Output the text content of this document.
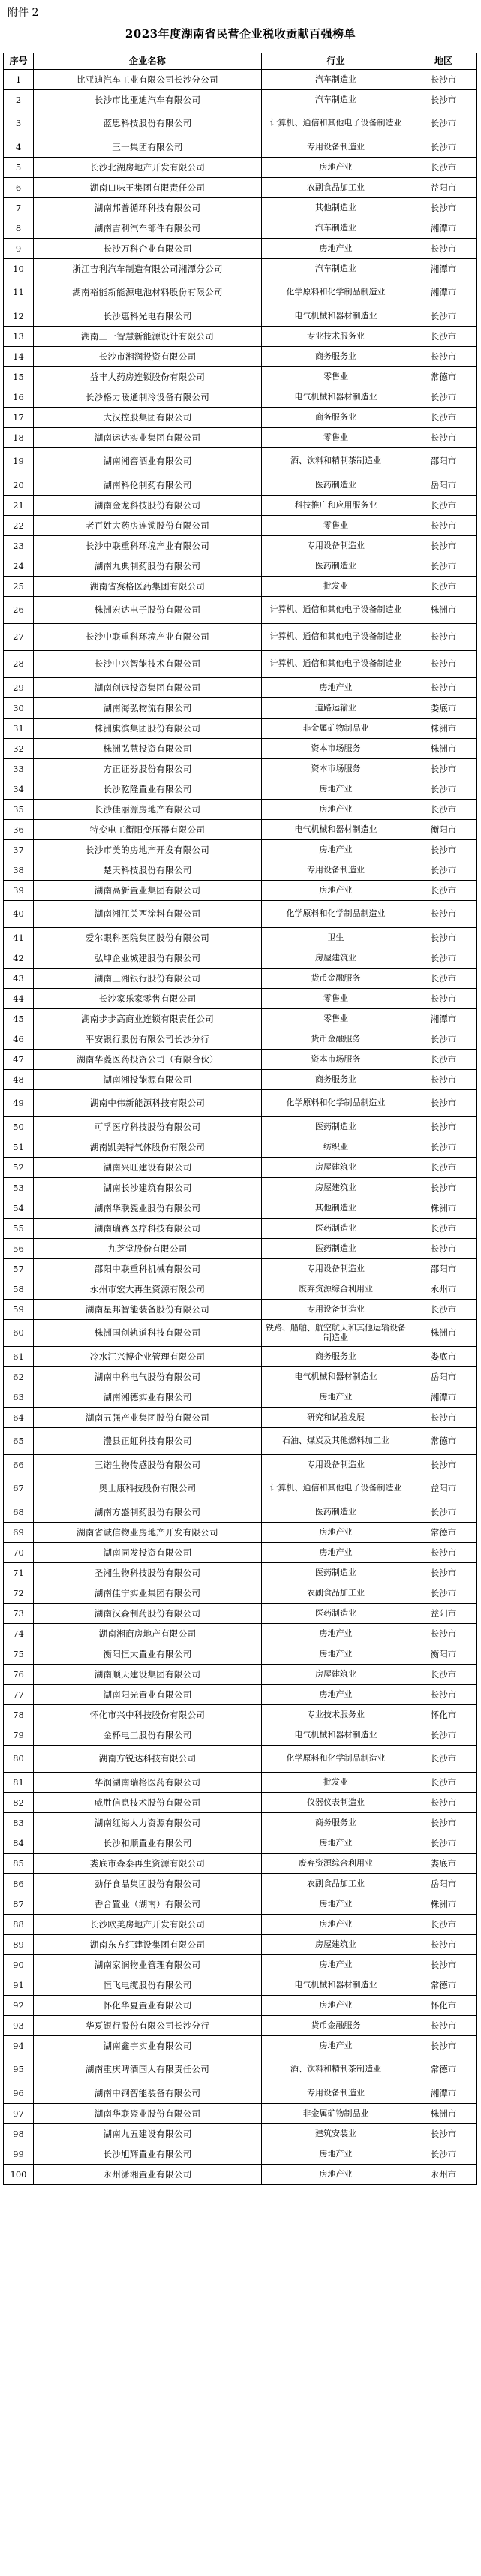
附件 2
2023年度湖南省民营企业税收贡献百强榜单
序号	企业名称	行业	地区
1	比亚迪汽车工业有限公司长沙分公司	汽车制造业	长沙市
2	长沙市比亚迪汽车有限公司	汽车制造业	长沙市
3	蓝思科技股份有限公司	计算机、通信和其他电子设备制造业	长沙市
4	三一集团有限公司	专用设备制造业	长沙市
5	长沙北湖房地产开发有限公司	房地产业	长沙市
6	湖南口味王集团有限责任公司	农副食品加工业	益阳市
7	湖南邦普循环科技有限公司	其他制造业	长沙市
8	湖南吉利汽车部件有限公司	汽车制造业	湘潭市
9	长沙万科企业有限公司	房地产业	长沙市
10	浙江吉利汽车制造有限公司湘潭分公司	汽车制造业	湘潭市
11	湖南裕能新能源电池材料股份有限公司	化学原料和化学制品制造业	湘潭市
12	长沙惠科光电有限公司	电气机械和器材制造业	长沙市
13	湖南三一智慧新能源设计有限公司	专业技术服务业	长沙市
14	长沙市湘润投资有限公司	商务服务业	长沙市
15	益丰大药房连锁股份有限公司	零售业	常德市
16	长沙格力暖通制冷设备有限公司	电气机械和器材制造业	长沙市
17	大汉控股集团有限公司	商务服务业	长沙市
18	湖南运达实业集团有限公司	零售业	长沙市
19	湖南湘窖酒业有限公司	酒、饮料和精制茶制造业	邵阳市
20	湖南科伦制药有限公司	医药制造业	岳阳市
21	湖南金龙科技股份有限公司	科技推广和应用服务业	长沙市
22	老百姓大药房连锁股份有限公司	零售业	长沙市
23	长沙中联重科环境产业有限公司	专用设备制造业	长沙市
24	湖南九典制药股份有限公司	医药制造业	长沙市
25	湖南省赛格医药集团有限公司	批发业	长沙市
26	株洲宏达电子股份有限公司	计算机、通信和其他电子设备制造业	株洲市
27	长沙中联重科环境产业有限公司	计算机、通信和其他电子设备制造业	长沙市
28	长沙中兴智能技术有限公司	计算机、通信和其他电子设备制造业	长沙市
29	湖南创远投资集团有限公司	房地产业	长沙市
30	湖南海弘物流有限公司	道路运输业	娄底市
31	株洲旗滨集团股份有限公司	非金属矿物制品业	株洲市
32	株洲弘慧投资有限公司	资本市场服务	株洲市
33	方正证券股份有限公司	资本市场服务	长沙市
34	长沙乾隆置业有限公司	房地产业	长沙市
35	长沙佳丽源房地产有限公司	房地产业	长沙市
36	特变电工衡阳变压器有限公司	电气机械和器材制造业	衡阳市
37	长沙市美的房地产开发有限公司	房地产业	长沙市
38	楚天科技股份有限公司	专用设备制造业	长沙市
39	湖南高新置业集团有限公司	房地产业	长沙市
40	湖南湘江关西涂料有限公司	化学原料和化学制品制造业	长沙市
41	爱尔眼科医院集团股份有限公司	卫生	长沙市
42	弘坤企业城建股份有限公司	房屋建筑业	长沙市
43	湖南三湘银行股份有限公司	货币金融服务	长沙市
44	长沙家乐家零售有限公司	零售业	长沙市
45	湖南步步高商业连锁有限责任公司	零售业	湘潭市
46	平安银行股份有限公司长沙分行	货币金融服务	长沙市
47	湖南华菱医药投资公司（有限合伙）	资本市场服务	长沙市
48	湖南湘投能源有限公司	商务服务业	长沙市
49	湖南中伟新能源科技有限公司	化学原料和化学制品制造业	长沙市
50	可孚医疗科技股份有限公司	医药制造业	长沙市
51	湖南凯美特气体股份有限公司	纺织业	长沙市
52	湖南兴旺建设有限公司	房屋建筑业	长沙市
53	湖南长沙建筑有限公司	房屋建筑业	长沙市
54	湖南华联瓷业股份有限公司	其他制造业	株洲市
55	湖南瑞赛医疗科技有限公司	医药制造业	长沙市
56	九芝堂股份有限公司	医药制造业	长沙市
57	邵阳中联重科机械有限公司	专用设备制造业	邵阳市
58	永州市宏大再生资源有限公司	废弃资源综合利用业	永州市
59	湖南星邦智能装备股份有限公司	专用设备制造业	长沙市
60	株洲国创轨道科技有限公司	铁路、船舶、航空航天和其他运输设备制造业	株洲市
61	冷水江兴博企业管理有限公司	商务服务业	娄底市
62	湖南中科电气股份有限公司	电气机械和器材制造业	岳阳市
63	湖南湘德实业有限公司	房地产业	湘潭市
64	湖南五强产业集团股份有限公司	研究和试验发展	长沙市
65	澧县正虹科技有限公司	石油、煤炭及其他燃料加工业	常德市
66	三诺生物传感股份有限公司	专用设备制造业	长沙市
67	奥士康科技股份有限公司	计算机、通信和其他电子设备制造业	益阳市
68	湖南方盛制药股份有限公司	医药制造业	长沙市
69	湖南省诚信物业房地产开发有限公司	房地产业	常德市
70	湖南同发投资有限公司	房地产业	长沙市
71	圣湘生物科技股份有限公司	医药制造业	长沙市
72	湖南佳宁实业集团有限公司	农副食品加工业	长沙市
73	湖南汉森制药股份有限公司	医药制造业	益阳市
74	湖南湘商房地产有限公司	房地产业	长沙市
75	衡阳恒大置业有限公司	房地产业	衡阳市
76	湖南顺天建设集团有限公司	房屋建筑业	长沙市
77	湖南阳光置业有限公司	房地产业	长沙市
78	怀化市兴中科技股份有限公司	专业技术服务业	怀化市
79	金杯电工股份有限公司	电气机械和器材制造业	长沙市
80	湖南方锐达科技有限公司	化学原料和化学制品制造业	长沙市
81	华润湖南瑞格医药有限公司	批发业	长沙市
82	威胜信息技术股份有限公司	仪器仪表制造业	长沙市
83	湖南红海人力资源有限公司	商务服务业	长沙市
84	长沙和顺置业有限公司	房地产业	长沙市
85	娄底市森泰再生资源有限公司	废弃资源综合利用业	娄底市
86	劲仔食品集团股份有限公司	农副食品加工业	岳阳市
87	香合置业（湖南）有限公司	房地产业	株洲市
88	长沙欧美房地产开发有限公司	房地产业	长沙市
89	湖南东方红建设集团有限公司	房屋建筑业	长沙市
90	湖南家润物业管理有限公司	房地产业	长沙市
91	恒飞电缆股份有限公司	电气机械和器材制造业	常德市
92	怀化华夏置业有限公司	房地产业	怀化市
93	华夏银行股份有限公司长沙分行	货币金融服务	长沙市
94	湖南鑫宇实业有限公司	房地产业	长沙市
95	湖南重庆啤酒国人有限责任公司	酒、饮料和精制茶制造业	常德市
96	湖南中钢智能装备有限公司	专用设备制造业	湘潭市
97	湖南华联瓷业股份有限公司	非金属矿物制品业	株洲市
98	湖南九五建设有限公司	建筑安装业	长沙市
99	长沙旭辉置业有限公司	房地产业	长沙市
100	永州潇湘置业有限公司	房地产业	永州市
